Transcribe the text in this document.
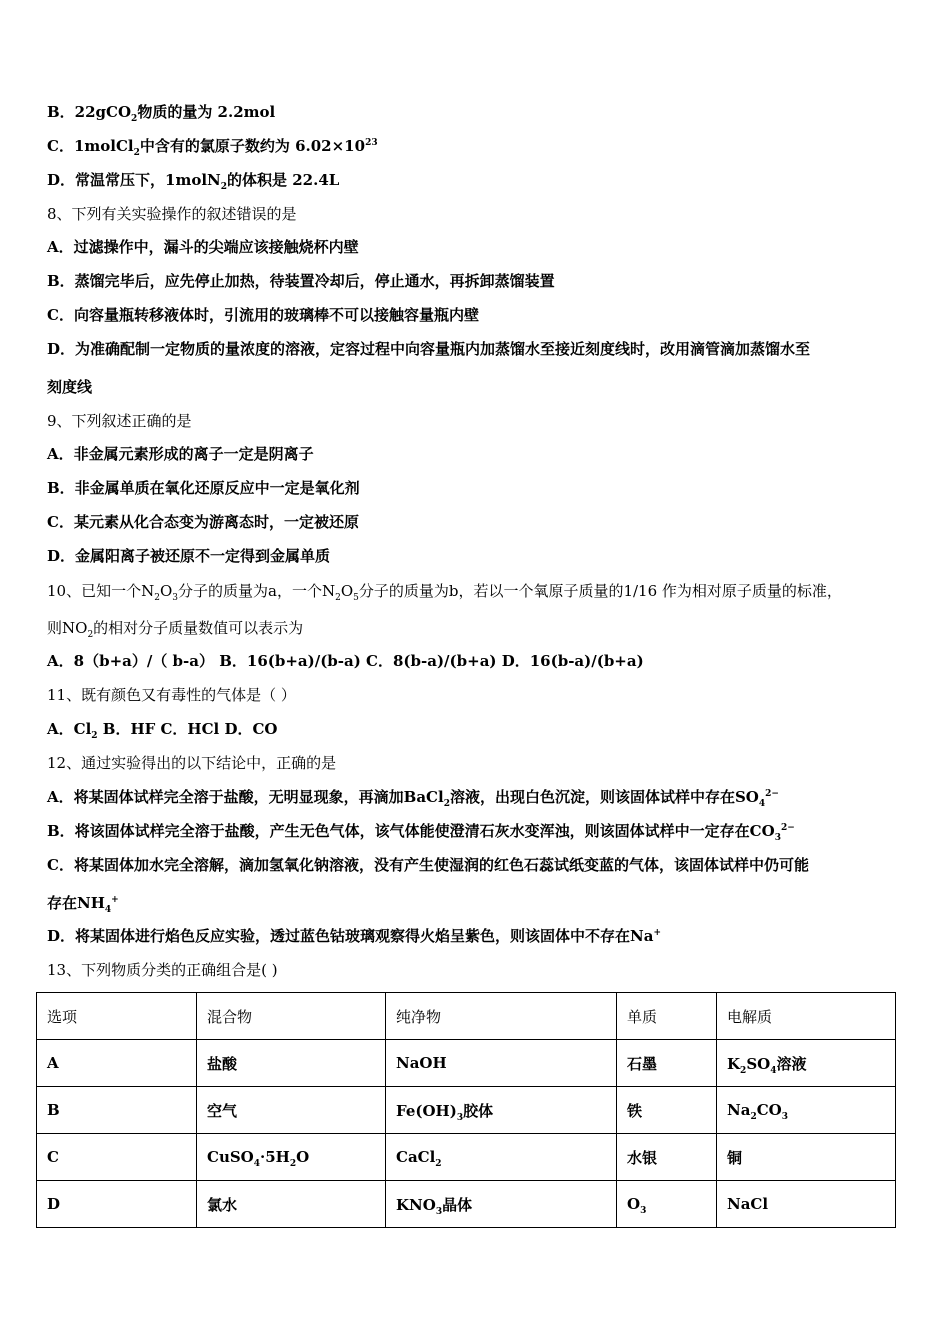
B．22gCO$_2$物质的量为 2.2mol
C．1molCl$_2$中含有的氯原子数约为 $6.02\times 10^{23}$
D．常温常压下，1molN$_2$的体积是 22.4L
8、下列有关实验操作的叙述错误的是
A．过滤操作中，漏斗的尖端应该接触烧杯内壁
B．蒸馏完毕后，应先停止加热，待装置冷却后，停止通水，再拆卸蒸馏装置
C．向容量瓶转移液体时，引流用的玻璃棒不可以接触容量瓶内壁
D．为准确配制一定物质的量浓度的溶液，定容过程中向容量瓶内加蒸馏水至接近刻度线时，改用滴管滴加蒸馏水至
刻度线
9、下列叙述正确的是
A．非金属元素形成的离子一定是阴离子
B．非金属单质在氧化还原反应中一定是氧化剂
C．某元素从化合态变为游离态时，一定被还原
D．金属阳离子被还原不一定得到金属单质
10、已知一个$N_2O_3$分子的质量为a，一个$N_2O_5$分子的质量为b，若以一个氧原子质量的1/16 作为相对原子质量的标准，
则$NO_2$的相对分子质量数值可以表示为
A．8（b+a）/（ b-a） B．16(b+a)/(b-a) C．8(b-a)/(b+a) D．16(b-a)/(b+a)
11、既有颜色又有毒性的气体是（ ）
A．$Cl_2$ B．HF C．HCl D．CO
12、通过实验得出的以下结论中，正确的是
A．将某固体试样完全溶于盐酸，无明显现象，再滴加BaCl$_2$溶液，出现白色沉淀，则该固体试样中存在$SO_4^{2-}$
B．将该固体试样完全溶于盐酸，产生无色气体，该气体能使澄清石灰水变浑浊，则该固体试样中一定存在$CO_3^{2-}$
C．将某固体加水完全溶解，滴加氢氧化钠溶液，没有产生使湿润的红色石蕊试纸变蓝的气体，该固体试样中仍可能
存在$NH_4^+$
D．将某固体进行焰色反应实验，透过蓝色钴玻璃观察得火焰呈紫色，则该固体中不存在Na+
13、下列物质分类的正确组合是( )
选项	混合物	纯净物	单质	电解质
A	盐酸	NaOH	石墨	$K_2SO_4$溶液
B	空气	$Fe(OH)_3$胶体	铁	$Na_2CO_3$
C	$CuSO_4\cdot 5H_2O$	CaCl$_2$	水银	铜
D	氯水	$KNO_3$晶体	$O_3$	NaCl
